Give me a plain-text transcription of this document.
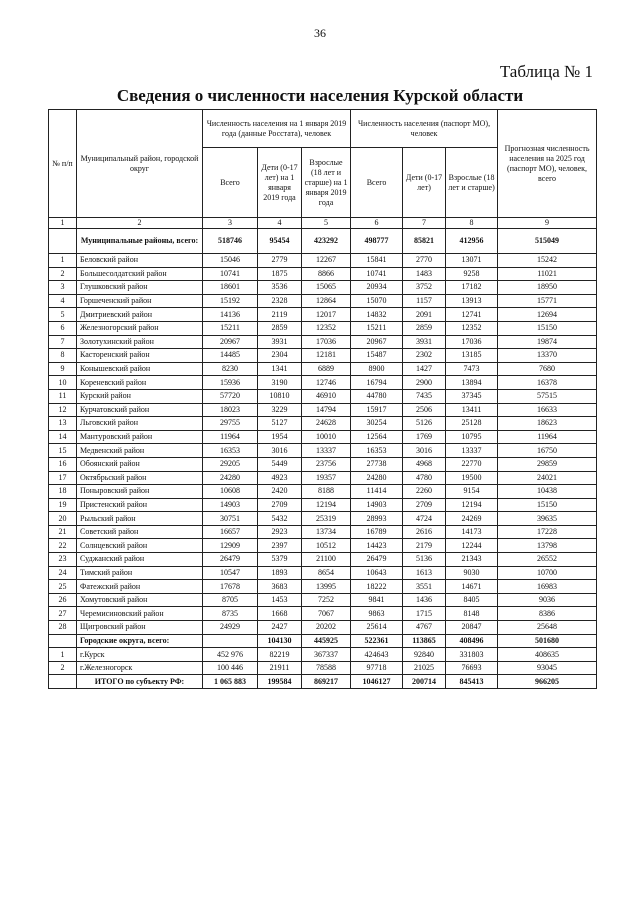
36
Таблица № 1
Сведения о численности населения Курской области
№ п/п	Муниципальный район, городской округ	Численность населения на 1 января 2019 года (данные Росстата), человек			Численность населения (паспорт МО), человек			Прогнозная численность населения на 2025 год (паспорт МО), человек, всего
		Всего	Дети (0-17 лет) на 1 января 2019 года	Взрослые (18 лет и старше) на 1 января 2019 года	Всего	Дети (0-17 лет)	Взрослые (18 лет и старше)	
1	2	3	4	5	6	7	8	9
	Муниципальные районы, всего:	518746	95454	423292	498777	85821	412956	515049
1	Беловский район	15046	2779	12267	15841	2770	13071	15242
2	Большесолдатский район	10741	1875	8866	10741	1483	9258	11021
3	Глушковский район	18601	3536	15065	20934	3752	17182	18950
4	Горшеченский район	15192	2328	12864	15070	1157	13913	15771
5	Дмитриевский район	14136	2119	12017	14832	2091	12741	12694
6	Железногорский район	15211	2859	12352	15211	2859	12352	15150
7	Золотухинский район	20967	3931	17036	20967	3931	17036	19874
8	Касторенский район	14485	2304	12181	15487	2302	13185	13370
9	Конышевский район	8230	1341	6889	8900	1427	7473	7680
10	Кореневский район	15936	3190	12746	16794	2900	13894	16378
11	Курский район	57720	10810	46910	44780	7435	37345	57515
12	Курчатовский район	18023	3229	14794	15917	2506	13411	16633
13	Льговский район	29755	5127	24628	30254	5126	25128	18623
14	Мантуровский район	11964	1954	10010	12564	1769	10795	11964
15	Медвенский район	16353	3016	13337	16353	3016	13337	16750
16	Обоянский район	29205	5449	23756	27738	4968	22770	29859
17	Октябрьский район	24280	4923	19357	24280	4780	19500	24021
18	Поныровский район	10608	2420	8188	11414	2260	9154	10438
19	Пристенский район	14903	2709	12194	14903	2709	12194	15150
20	Рыльский район	30751	5432	25319	28993	4724	24269	39635
21	Советский район	16657	2923	13734	16789	2616	14173	17228
22	Солнцевский район	12909	2397	10512	14423	2179	12244	13798
23	Суджанский район	26479	5379	21100	26479	5136	21343	26552
24	Тимский район	10547	1893	8654	10643	1613	9030	10700
25	Фатежский район	17678	3683	13995	18222	3551	14671	16983
26	Хомутовский район	8705	1453	7252	9841	1436	8405	9036
27	Черемисиновский район	8735	1668	7067	9863	1715	8148	8386
28	Щигровский район	24929	2427	20202	25614	4767	20847	25648
	Городские округа, всего:		104130	445925	522361	113865	408496	501680
1	г.Курск	452 976	82219	367337	424643	92840	331803	408635
2	г.Железногорск	100 446	21911	78588	97718	21025	76693	93045
	ИТОГО по субъекту РФ:	1 065 883	199584	869217	1046127	200714	845413	966205
